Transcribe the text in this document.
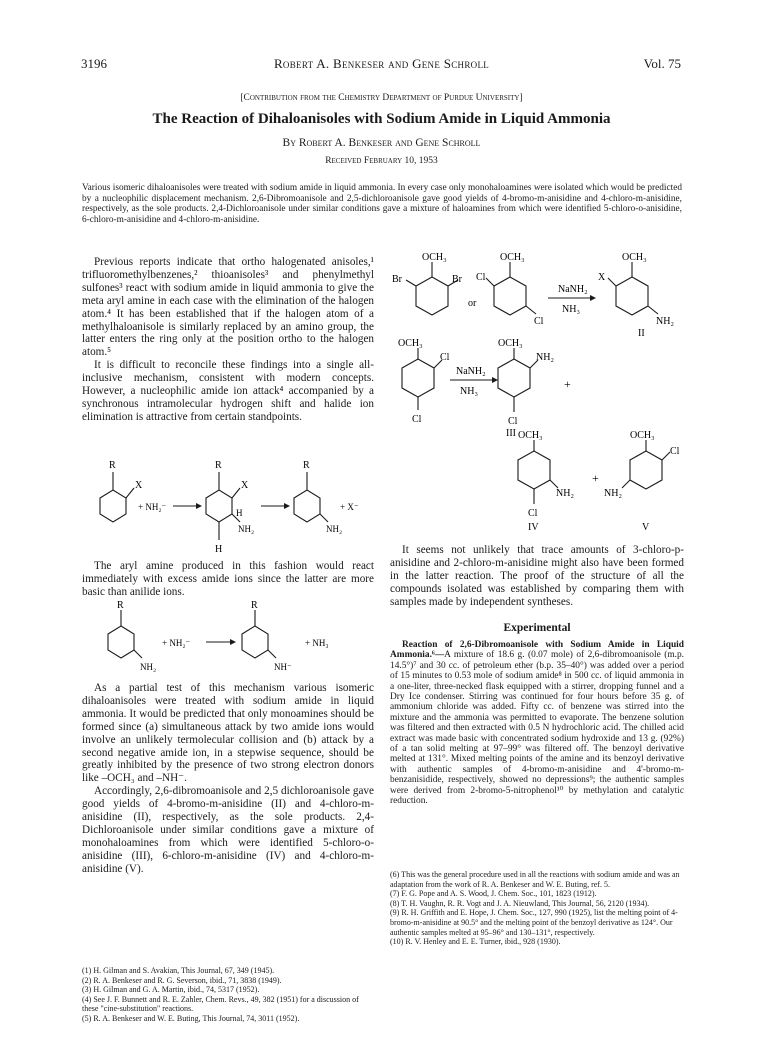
3196	Robert A. Benkeser and Gene Schroll	Vol. 75
[Contribution from the Chemistry Department of Purdue University]
The Reaction of Dihaloanisoles with Sodium Amide in Liquid Ammonia
By Robert A. Benkeser and Gene Schroll
Received February 10, 1953
Various isomeric dihaloanisoles were treated with sodium amide in liquid ammonia. In every case only monohaloamines were isolated which would be predicted by a nucleophilic displacement mechanism. 2,6-Dibromoanisole and 2,5-dichloroanisole gave good yields of 4-bromo-m-anisidine and 4-chloro-m-anisidine, respectively, as the sole products. 2,4-Dichloroanisole under similar conditions gave a mixture of haloamines from which were identified 5-chloro-o-anisidine, 6-chloro-m-anisidine and 4-chloro-m-anisidine.

Previous reports indicate that ortho halogenated anisoles,¹ trifluoromethylbenzenes,² thioanisoles³ and phenylmethyl sulfones³ react with sodium amide in liquid ammonia to give the meta aryl amine in each case with the elimination of the halogen atom.⁴ It has been established that if the halogen atom of a methylhaloanisole is similarly replaced by an amino group, the latter enters the ring only at the position ortho to the halogen atom.⁵

It is difficult to reconcile these findings into a single all-inclusive mechanism, consistent with modern concepts. However, a nucleophilic amide ion attack⁴ accompanied by a synchronous intramolecular hydrogen shift and halide ion elimination is attractive from certain standpoints.

R
X
+ NH₂⁻
R
X
H
NH₂
H
R
NH₂
+ X⁻

The aryl amine produced in this fashion would react immediately with excess amide ions since the latter are more basic than anilide ions.

R
NH₂
+ NH₂⁻
R
NH⁻
+ NH₃

As a partial test of this mechanism various isomeric dihaloanisoles were treated with sodium amide in liquid ammonia. It would be predicted that only monoamines should be formed since (a) simultaneous attack by two amide ions would involve an unlikely termolecular collision and (b) attack by a second negative amide ion, in a stepwise sequence, should be greatly inhibited by the presence of two strong electron donors like –OCH₃ and –NH⁻.

Accordingly, 2,6-dibromoanisole and 2,5 dichloroanisole gave good yields of 4-bromo-m-anisidine (II) and 4-chloro-m-anisidine (II), respectively, as the sole products. 2,4-Dichloroanisole under similar conditions gave a mixture of monohaloamines from which were identified 5-chloro-o-anisidine (III), 6-chloro-m-anisidine (IV) and 4-chloro-m-anisidine (V).

(1) H. Gilman and S. Avakian, This Journal, 67, 349 (1945).

(2) R. A. Benkeser and R. G. Severson, ibid., 71, 3838 (1949).

(3) H. Gilman and G. A. Martin, ibid., 74, 5317 (1952).

(4) See J. F. Bunnett and R. E. Zahler, Chem. Revs., 49, 382 (1951) for a discussion of these "cine-substitution" reactions.

(5) R. A. Benkeser and W. E. Buting, This Journal, 74, 3011 (1952).

OCH₃
Br	Br
or
OCH₃
Cl
Cl
NaNH₂
NH₃
OCH₃
X
NH₂
II
OCH₃
Cl
Cl
NaNH₂
NH₃
OCH₃
NH₂
+
Cl
III OCH₃
NH₂
Cl
IV
+
OCH₃
Cl
NH₂
V

It seems not unlikely that trace amounts of 3-chloro-p-anisidine and 2-chloro-m-anisidine might also have been formed in the latter reaction. The proof of the structure of all the compounds isolated was established by comparing them with samples made by independent syntheses.

Experimental

Reaction of 2,6-Dibromoanisole with Sodium Amide in Liquid Ammonia.⁶—A mixture of 18.6 g. (0.07 mole) of 2,6-dibromoanisole (m.p. 14.5°)⁷ and 30 cc. of petroleum ether (b.p. 35–40°) was added over a period of 15 minutes to 0.53 mole of sodium amide⁸ in 500 cc. of liquid ammonia in a one-liter, three-necked flask equipped with a stirrer, dropping funnel and a Dry Ice condenser. Stirring was continued for four hours before 35 g. of ammonium chloride was added. Fifty cc. of benzene was stirred into the mixture and the ammonia was permitted to evaporate. The benzene solution was filtered and then extracted with 0.5 N hydrochloric acid. The chilled acid extract was made basic with concentrated sodium hydroxide and 13 g. (92%) of a tan solid melting at 97–99° was filtered off. The benzoyl derivative melted at 131°. Mixed melting points of the amine and its benzoyl derivative with authentic samples of 4-bromo-m-anisidine and 4'-bromo-m-benzanisidide, respectively, showed no depressions⁹; the authentic samples were derived from 2-bromo-5-nitrophenol¹⁰ by methylation and catalytic reduction.

(6) This was the general procedure used in all the reactions with sodium amide and was an adaptation from the work of R. A. Benkeser and W. E. Buting, ref. 5.

(7) F. G. Pope and A. S. Wood, J. Chem. Soc., 101, 1823 (1912).

(8) T. H. Vaughn, R. R. Vogt and J. A. Nieuwland, This Journal, 56, 2120 (1934).

(9) R. H. Griffith and E. Hope, J. Chem. Soc., 127, 990 (1925), list the melting point of 4-bromo-m-anisidine at 90.5° and the melting point of the benzoyl derivative as 124°. Our authentic samples melted at 95–96° and 130–131°, respectively.

(10) R. V. Henley and E. E. Turner, ibid., 928 (1930).
